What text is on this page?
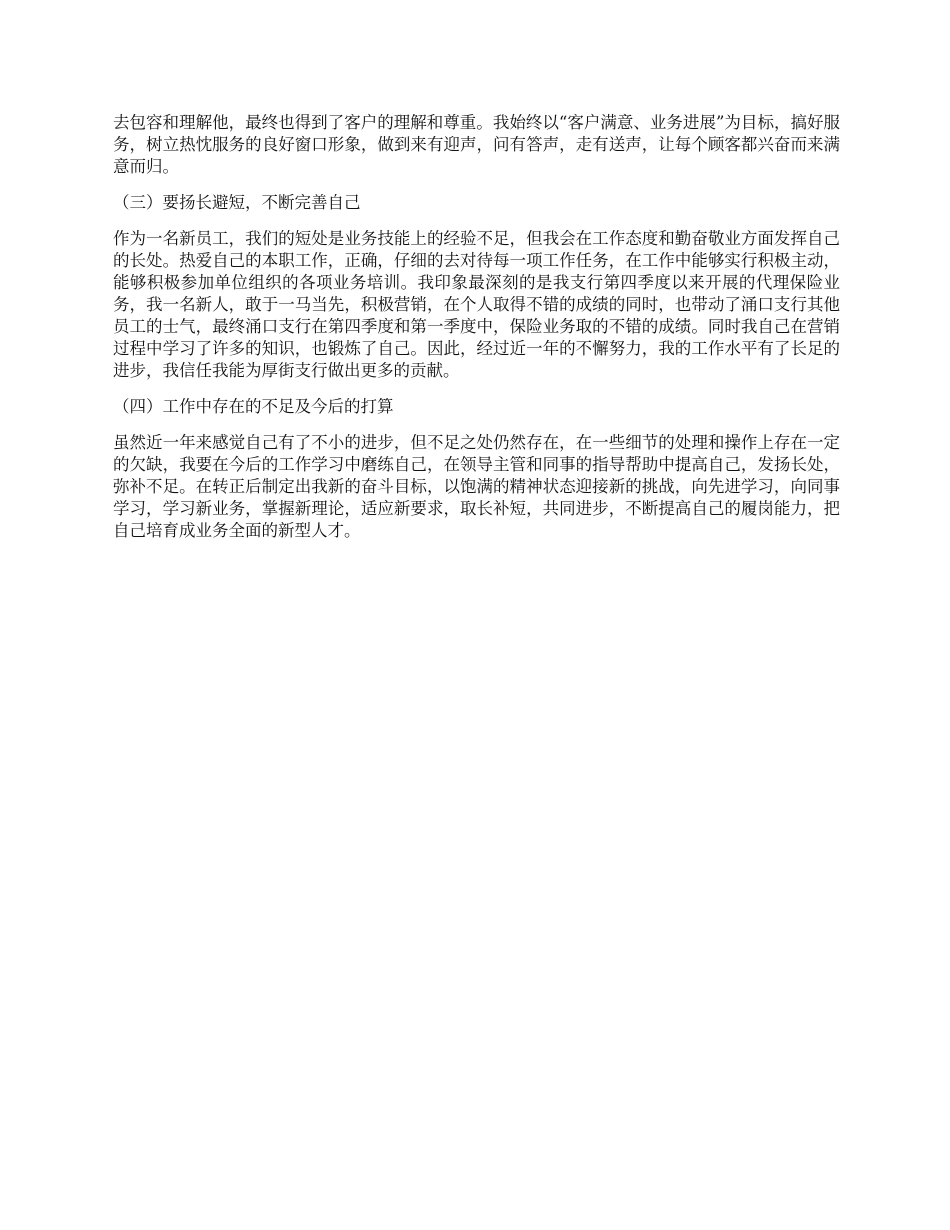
去包容和理解他，最终也得到了客户的理解和尊重。我始终以“客户满意、业务进展”为目标，搞好服务，树立热忱服务的良好窗口形象，做到来有迎声，问有答声，走有送声，让每个顾客都兴奋而来满意而归。

（三）要扬长避短，不断完善自己

作为一名新员工，我们的短处是业务技能上的经验不足，但我会在工作态度和勤奋敬业方面发挥自己的长处。热爱自己的本职工作，正确，仔细的去对待每一项工作任务，在工作中能够实行积极主动，能够积极参加单位组织的各项业务培训。我印象最深刻的是我支行第四季度以来开展的代理保险业务，我一名新人，敢于一马当先，积极营销，在个人取得不错的成绩的同时，也带动了涌口支行其他员工的士气，最终涌口支行在第四季度和第一季度中，保险业务取的不错的成绩。同时我自己在营销过程中学习了许多的知识，也锻炼了自己。因此，经过近一年的不懈努力，我的工作水平有了长足的进步，我信任我能为厚街支行做出更多的贡献。

（四）工作中存在的不足及今后的打算

虽然近一年来感觉自己有了不小的进步，但不足之处仍然存在，在一些细节的处理和操作上存在一定的欠缺，我要在今后的工作学习中磨练自己，在领导主管和同事的指导帮助中提高自己，发扬长处，弥补不足。在转正后制定出我新的奋斗目标，以饱满的精神状态迎接新的挑战，向先进学习，向同事学习，学习新业务，掌握新理论，适应新要求，取长补短，共同进步，不断提高自己的履岗能力，把自己培育成业务全面的新型人才。
